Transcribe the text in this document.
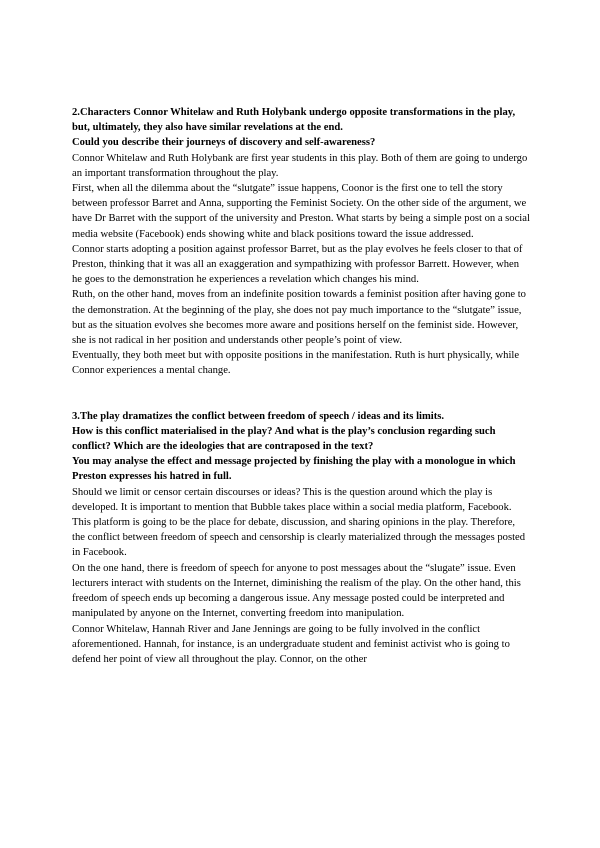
2.Characters Connor Whitelaw and Ruth Holybank undergo opposite transformations in the play, but, ultimately, they also have similar revelations at the end.

Could you describe their journeys of discovery and self-awareness?

Connor Whitelaw and Ruth Holybank are first year students in this play. Both of them are going to undergo an important transformation throughout the play.

First, when all the dilemma about the “slutgate” issue happens, Coonor is the first one to tell the story between professor Barret and Anna, supporting the Feminist Society. On the other side of the argument, we have Dr Barret with the support of the university and Preston. What starts by being a simple post on a social media website (Facebook) ends showing white and black positions toward the issue addressed.

Connor starts adopting a position against professor Barret, but as the play evolves he feels closer to that of Preston, thinking that it was all an exaggeration and sympathizing with professor Barrett. However, when he goes to the demonstration he experiences a revelation which changes his mind.

Ruth, on the other hand, moves from an indefinite position towards a feminist position after having gone to the demonstration. At the beginning of the play, she does not pay much importance to the “slutgate” issue, but as the situation evolves she becomes more aware and positions herself on the feminist side. However, she is not radical in her position and understands other people’s point of view.

Eventually, they both meet but with opposite positions in the manifestation. Ruth is hurt physically, while Connor experiences a mental change.

3.The play dramatizes the conflict between freedom of speech / ideas and its limits.

How is this conflict materialised in the play? And what is the play’s conclusion regarding such conflict? Which are the ideologies that are contraposed in the text?

You may analyse the effect and message projected by finishing the play with a monologue in which Preston expresses his hatred in full.

Should we limit or censor certain discourses or ideas? This is the question around which the play is developed. It is important to mention that Bubble takes place within a social media platform, Facebook. This platform is going to be the place for debate, discussion, and sharing opinions in the play. Therefore, the conflict between freedom of speech and censorship is clearly materialized through the messages posted in Facebook.

On the one hand, there is freedom of speech for anyone to post messages about the “slugate” issue. Even lecturers interact with students on the Internet, diminishing the realism of the play. On the other hand, this freedom of speech ends up becoming a dangerous issue. Any message posted could be interpreted and manipulated by anyone on the Internet, converting freedom into manipulation.

Connor Whitelaw, Hannah River and Jane Jennings are going to be fully involved in the conflict aforementioned. Hannah, for instance, is an undergraduate student and feminist activist who is going to defend her point of view all throughout the play. Connor, on the other
